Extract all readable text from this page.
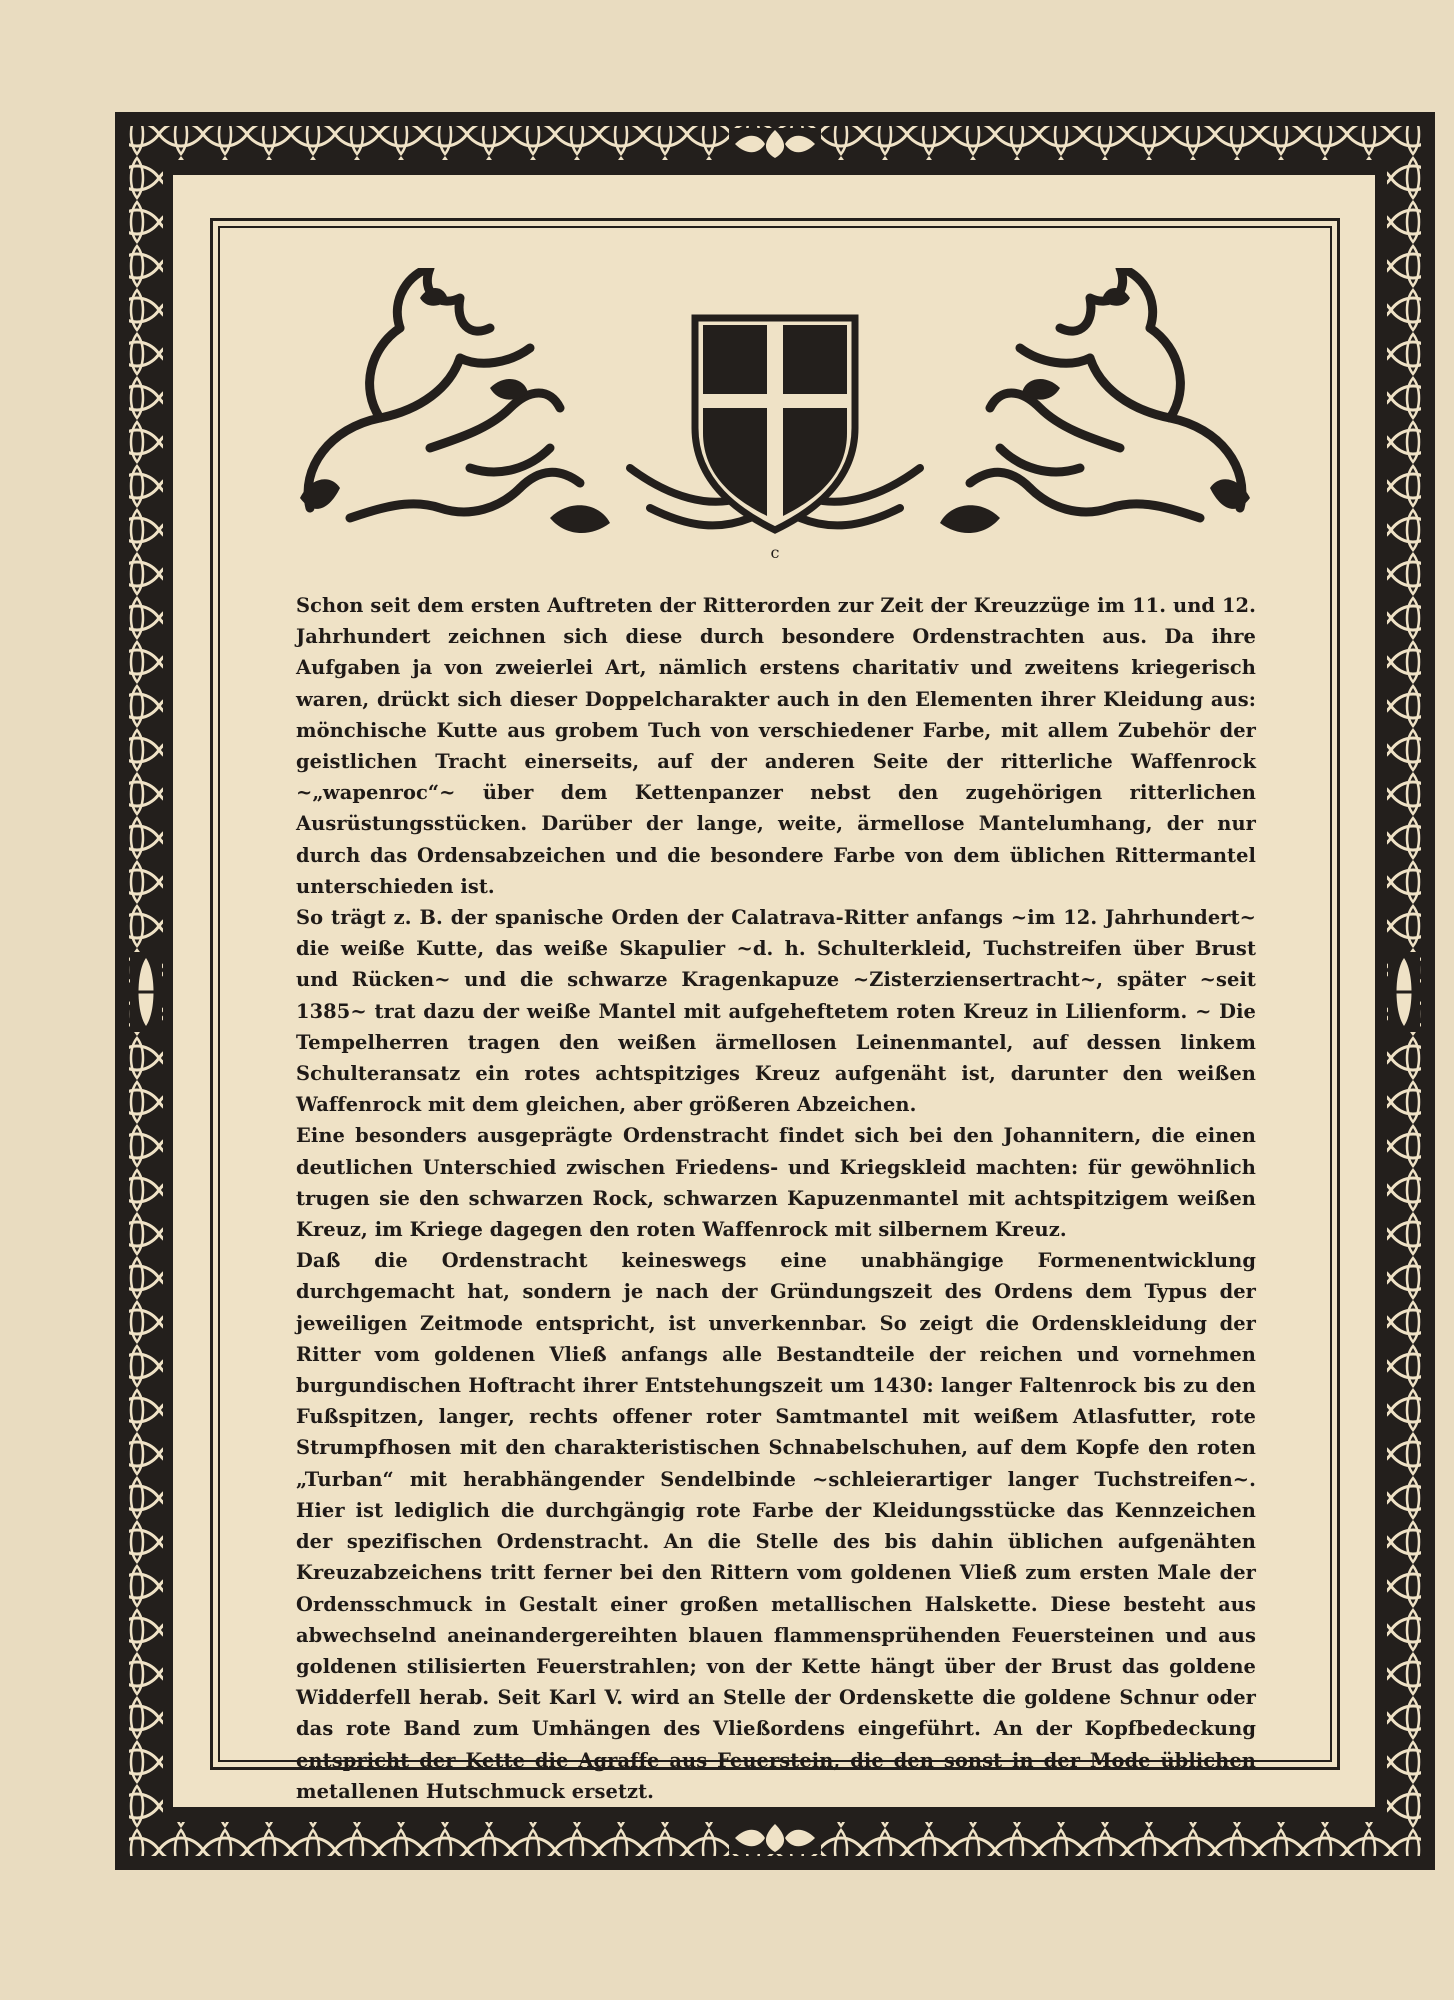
c

Schon seit dem ersten Auftreten der Ritterorden zur Zeit der Kreuzzüge im 11. und 12. Jahrhundert zeichnen sich diese durch besondere Ordenstrachten aus. Da ihre Aufgaben ja von zweierlei Art, nämlich erstens charitativ und zweitens kriegerisch waren, drückt sich dieser Doppelcharakter auch in den Elementen ihrer Kleidung aus: mönchische Kutte aus grobem Tuch von verschiedener Farbe, mit allem Zubehör der geistlichen Tracht einerseits, auf der anderen Seite der ritterliche Waffenrock ~„wapenroc“~ über dem Kettenpanzer nebst den zugehörigen ritterlichen Ausrüstungsstücken. Darüber der lange, weite, ärmellose Mantelumhang, der nur durch das Ordensabzeichen und die besondere Farbe von dem üblichen Rittermantel unterschieden ist.

So trägt z. B. der spanische Orden der Calatrava-Ritter anfangs ~im 12. Jahrhundert~ die weiße Kutte, das weiße Skapulier ~d. h. Schulterkleid, Tuchstreifen über Brust und Rücken~ und die schwarze Kragenkapuze ~Zisterziensertracht~, später ~seit 1385~ trat dazu der weiße Mantel mit aufgeheftetem roten Kreuz in Lilienform. ~ Die Tempelherren tragen den weißen ärmellosen Leinenmantel, auf dessen linkem Schulteransatz ein rotes achtspitziges Kreuz aufgenäht ist, darunter den weißen Waffenrock mit dem gleichen, aber größeren Abzeichen.

Eine besonders ausgeprägte Ordenstracht findet sich bei den Johannitern, die einen deutlichen Unterschied zwischen Friedens- und Kriegskleid machten: für gewöhnlich trugen sie den schwarzen Rock, schwarzen Kapuzenmantel mit achtspitzigem weißen Kreuz, im Kriege dagegen den roten Waffenrock mit silbernem Kreuz.

Daß die Ordenstracht keineswegs eine unabhängige Formenentwicklung durchgemacht hat, sondern je nach der Gründungszeit des Ordens dem Typus der jeweiligen Zeitmode entspricht, ist unverkennbar. So zeigt die Ordenskleidung der Ritter vom goldenen Vließ anfangs alle Bestandteile der reichen und vornehmen burgundischen Hoftracht ihrer Entstehungszeit um 1430: langer Faltenrock bis zu den Fußspitzen, langer, rechts offener roter Samtmantel mit weißem Atlasfutter, rote Strumpfhosen mit den charakteristischen Schnabelschuhen, auf dem Kopfe den roten „Turban“ mit herabhängender Sendelbinde ~schleierartiger langer Tuchstreifen~. Hier ist lediglich die durchgängig rote Farbe der Kleidungsstücke das Kennzeichen der spezifischen Ordenstracht. An die Stelle des bis dahin üblichen aufgenähten Kreuzabzeichens tritt ferner bei den Rittern vom goldenen Vließ zum ersten Male der Ordensschmuck in Gestalt einer großen metallischen Halskette. Diese besteht aus abwechselnd aneinandergereihten blauen flammensprühenden Feuersteinen und aus goldenen stilisierten Feuerstrahlen; von der Kette hängt über der Brust das goldene Widderfell herab. Seit Karl V. wird an Stelle der Ordenskette die goldene Schnur oder das rote Band zum Umhängen des Vließordens eingeführt. An der Kopfbedeckung entspricht der Kette die Agraffe aus Feuerstein, die den sonst in der Mode üblichen metallenen Hutschmuck ersetzt.
